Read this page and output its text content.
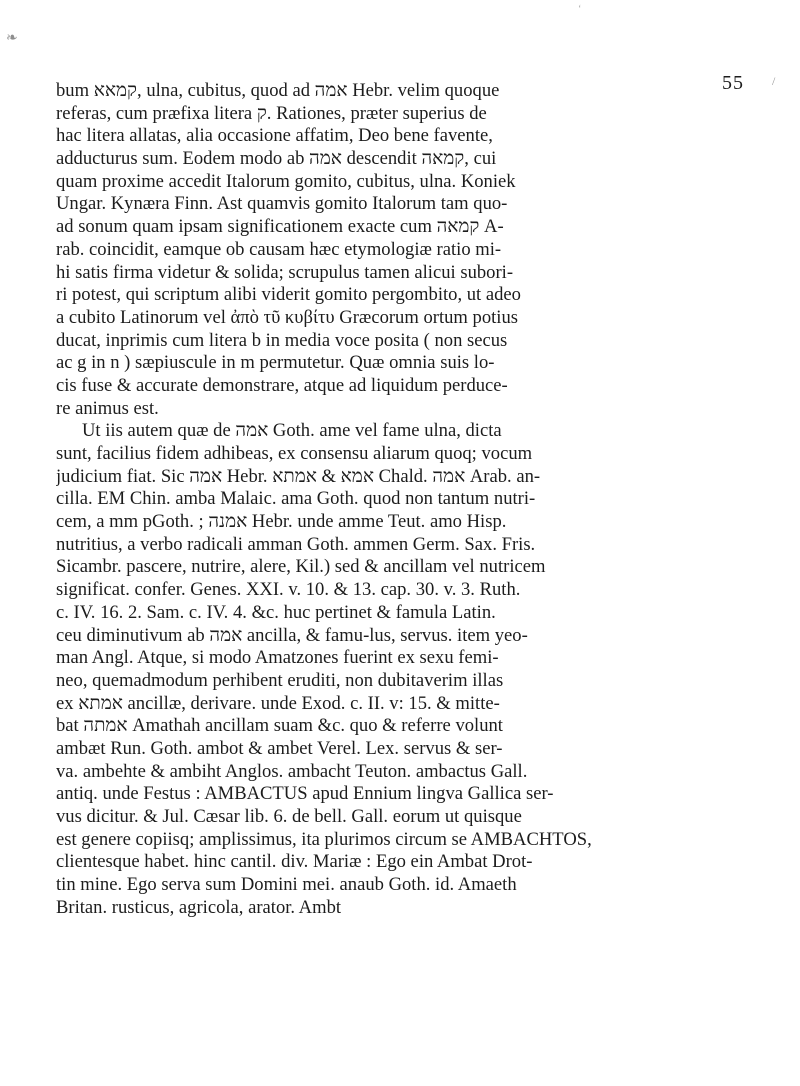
‘
❧
/
55
bum קמאא, ulna, cubitus, quod ad אמה Hebr. velim quoque
referas, cum præfixa litera ק. Rationes, præter superius de
hac litera allatas, alia occasione affatim, Deo bene favente,
adducturus sum. Eodem modo ab אמה descendit קמאה, cui
quam proxime accedit Italorum gomito, cubitus, ulna. Koniek
Ungar. Kynæra Finn. Ast quamvis gomito Italorum tam quo-
ad sonum quam ipsam significationem exacte cum קמאה A-
rab. coincidit, eamque ob causam hæc etymologiæ ratio mi-
hi satis firma videtur & solida; scrupulus tamen alicui subori-
ri potest, qui scriptum alibi viderit gomito pergombito, ut adeo
a cubito Latinorum vel ἀπὸ τῦ κυβίτυ Græcorum ortum potius
ducat, inprimis cum litera b in media voce posita ( non secus
ac g in n ) sæpiuscule in m permutetur. Quæ omnia suis lo-
cis fuse & accurate demonstrare, atque ad liquidum perduce-
re animus est.
Ut iis autem quæ de אמה Goth. ame vel fame ulna, dicta
sunt, facilius fidem adhibeas, ex consensu aliarum quoq; vocum
judicium fiat. Sic אמה Hebr. אמא & אמתא Chald. אמה Arab. an-
cilla. EM Chin. amba Malaic. ama Goth. quod non tantum nutri-
cem, a mm pGoth. ; אמנה Hebr. unde amme Teut. amo Hisp.
nutritius, a verbo radicali amman Goth. ammen Germ. Sax. Fris.
Sicambr. pascere, nutrire, alere, Kil.) sed & ancillam vel nutricem
significat. confer. Genes. XXI. v. 10. & 13. cap. 30. v. 3. Ruth.
c. IV. 16. 2. Sam. c. IV. 4. &c. huc pertinet & famula Latin.
ceu diminutivum ab אמה ancilla, & famu-lus, servus. item yeo-
man Angl. Atque, si modo Amatzones fuerint ex sexu femi-
neo, quemadmodum perhibent eruditi, non dubitaverim illas
ex אמתא ancillæ, derivare. unde Exod. c. II. v: 15. & mitte-
bat אמתה Amathah ancillam suam &c. quo & referre volunt
ambæt Run. Goth. ambot & ambet Verel. Lex. servus & ser-
va. ambehte & ambiht Anglos. ambacht Teuton. ambactus Gall.
antiq. unde Festus : AMBACTUS apud Ennium lingva Gallica ser-
vus dicitur. & Jul. Cæsar lib. 6. de bell. Gall. eorum ut quisque
est genere copiisq; amplissimus, ita plurimos circum se AMBACHTOS,
clientesque habet. hinc cantil. div. Mariæ : Ego ein Ambat Drot-
tin mine. Ego serva sum Domini mei. anaub Goth. id. Amaeth
Britan. rusticus, agricola, arator. Ambt
